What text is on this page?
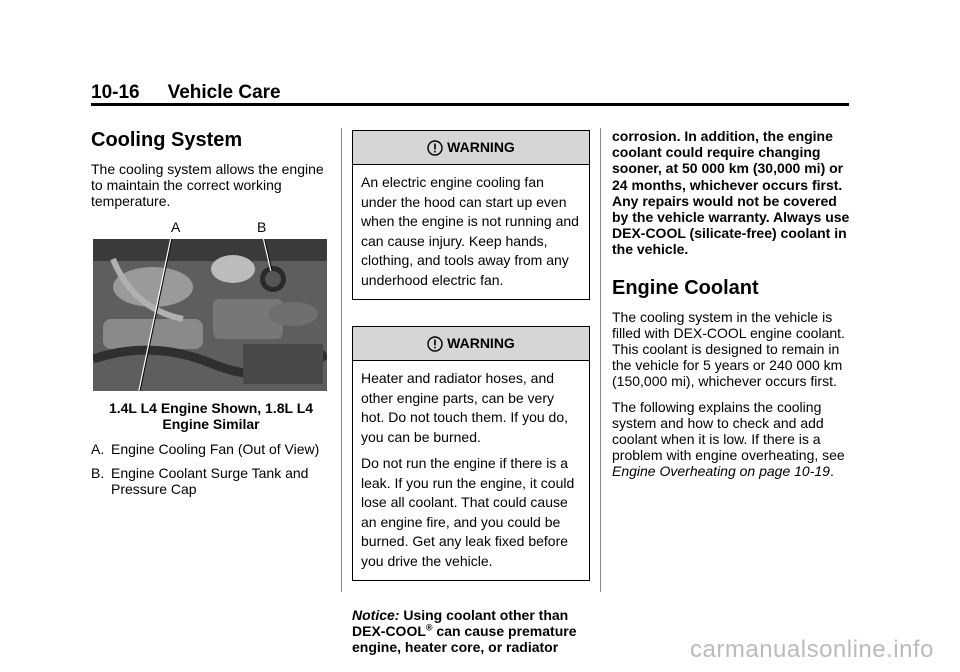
10-16 Vehicle Care
Cooling System

The cooling system allows the engine to maintain the correct working temperature.

A	B
1.4L L4 Engine Shown, 1.8L L4 Engine Similar
A. Engine Cooling Fan (Out of View)
B. Engine Coolant Surge Tank and Pressure Cap
WARNING

An electric engine cooling fan under the hood can start up even when the engine is not running and can cause injury. Keep hands, clothing, and tools away from any underhood electric fan.

WARNING

Heater and radiator hoses, and other engine parts, can be very hot. Do not touch them. If you do, you can be burned.

Do not run the engine if there is a leak. If you run the engine, it could lose all coolant. That could cause an engine fire, and you could be burned. Get any leak fixed before you drive the vehicle.

Notice: Using coolant other than DEX-COOL® can cause premature engine, heater core, or radiator

corrosion. In addition, the engine coolant could require changing sooner, at 50 000 km (30,000 mi) or 24 months, whichever occurs first. Any repairs would not be covered by the vehicle warranty. Always use DEX-COOL (silicate-free) coolant in the vehicle.

Engine Coolant

The cooling system in the vehicle is filled with DEX-COOL engine coolant. This coolant is designed to remain in the vehicle for 5 years or 240 000 km (150,000 mi), whichever occurs first.

The following explains the cooling system and how to check and add coolant when it is low. If there is a problem with engine overheating, see Engine Overheating on page 10-19.

carmanualsonline.info
